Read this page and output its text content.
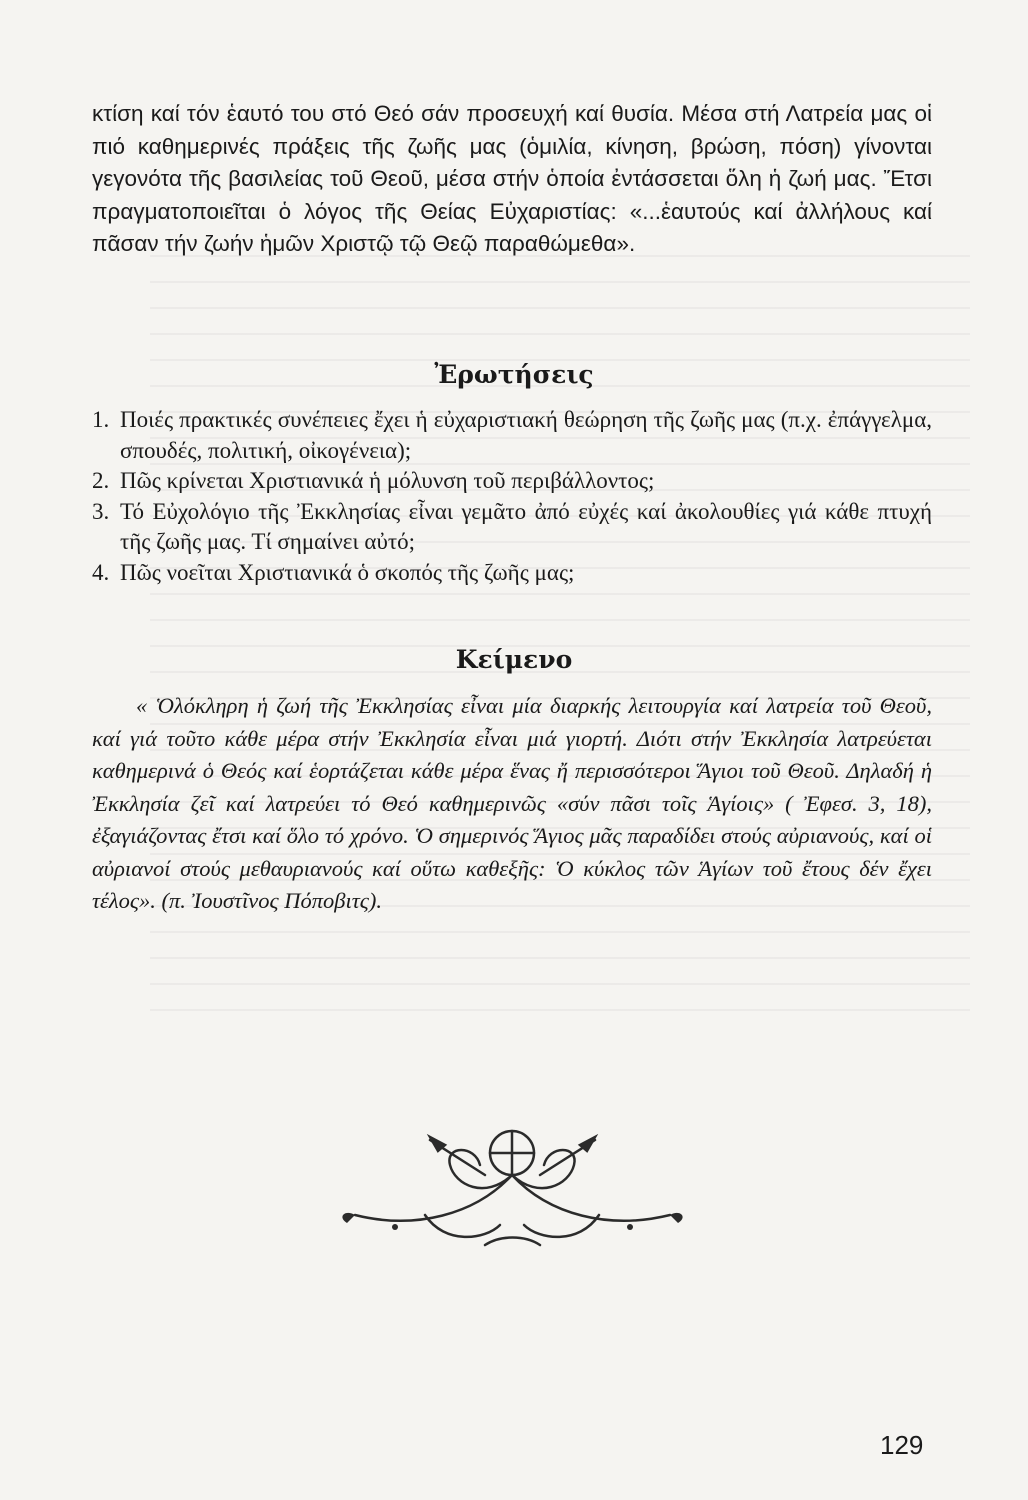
κτίση καί τόν ἑαυτό του στό Θεό σάν προσευχή καί θυσία. Μέσα στή Λατρεία μας οἱ πιό καθημερινές πράξεις τῆς ζωῆς μας (ὁμιλία, κίνηση, βρώση, πόση) γίνονται γεγονότα τῆς βασιλείας τοῦ Θεοῦ, μέσα στήν ὁποία ἐντάσσεται ὅλη ἡ ζωή μας. Ἔτσι πραγματοποιεῖται ὁ λόγος τῆς Θείας Εὐχαριστίας: «...ἑαυτούς καί ἀλλήλους καί πᾶσαν τήν ζωήν ἡμῶν Χριστῷ τῷ Θεῷ παραθώμεθα».

Ἐρωτήσεις
1. Ποιές πρακτικές συνέπειες ἔχει ἡ εὐχαριστιακή θεώρηση τῆς ζωῆς μας (π.χ. ἐπάγγελμα, σπουδές, πολιτική, οἰκογένεια);
2. Πῶς κρίνεται Χριστιανικά ἡ μόλυνση τοῦ περιβάλλοντος;
3. Τό Εὐχολόγιο τῆς Ἐκκλησίας εἶναι γεμᾶτο ἀπό εὐχές καί ἀκολουθίες γιά κάθε πτυχή τῆς ζωῆς μας. Τί σημαίνει αὐτό;
4. Πῶς νοεῖται Χριστιανικά ὁ σκοπός τῆς ζωῆς μας;
Κείμενο

« Ὁλόκληρη ἡ ζωή τῆς Ἐκκλησίας εἶναι μία διαρκής λειτουργία καί λατρεία τοῦ Θεοῦ, καί γιά τοῦτο κάθε μέρα στήν Ἐκκλησία εἶναι μιά γιορτή. Διότι στήν Ἐκκλησία λατρεύεται καθημερινά ὁ Θεός καί ἑορτάζεται κάθε μέρα ἕνας ἤ περισσότεροι Ἅγιοι τοῦ Θεοῦ. Δηλαδή ἡ Ἐκκλησία ζεῖ καί λατρεύει τό Θεό καθημερινῶς «σύν πᾶσι τοῖς Ἁγίοις» ( Ἐφεσ. 3, 18), ἐξαγιάζοντας ἔτσι καί ὅλο τό χρόνο. Ὁ σημερινός Ἅγιος μᾶς παραδίδει στούς αὐριανούς, καί οἱ αὐριανοί στούς μεθαυριανούς καί οὕτω καθεξῆς: Ὁ κύκλος τῶν Ἁγίων τοῦ ἔτους δέν ἔχει τέλος». (π. Ἰουστῖνος Πόποβιτς).

129
